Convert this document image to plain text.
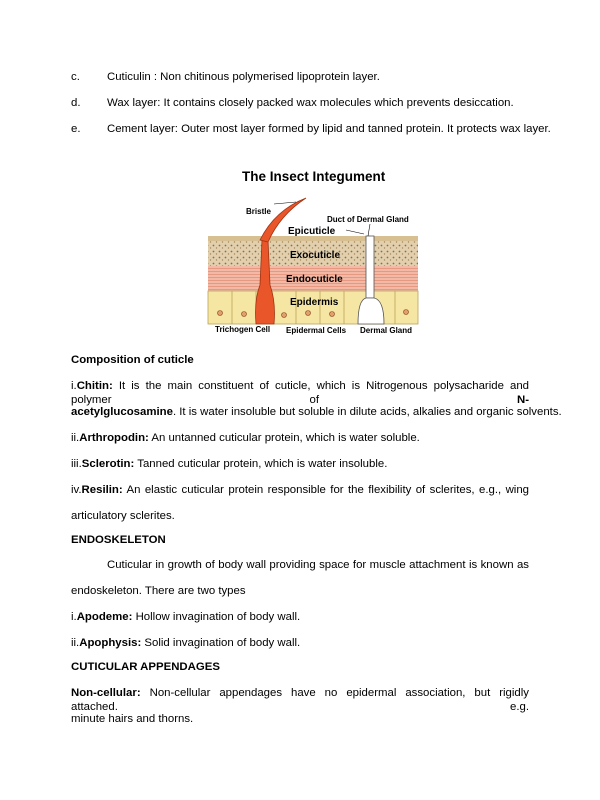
c. Cuticulin : Non chitinous polymerised lipoprotein layer.
d. Wax layer: It contains closely packed wax molecules which prevents desiccation.
e. Cement layer: Outer most layer formed by lipid and tanned protein. It protects wax layer.
The Insect Integument
Bristle
Duct of Dermal Gland
Epicuticle
Exocuticle
Endocuticle
Epidermis
Trichogen Cell Epidermal Cells Dermal Gland
Composition of cuticle
i.Chitin: It is the main constituent of cuticle, which is Nitrogenous polysacharide and polymer of N-
acetylglucosamine. It is water insoluble but soluble in dilute acids, alkalies and organic solvents.
ii.Arthropodin: An untanned cuticular protein, which is water soluble.
iii.Sclerotin: Tanned cuticular protein, which is water insoluble.
iv.Resilin: An elastic cuticular protein responsible for the flexibility of sclerites, e.g., wing
articulatory sclerites.
ENDOSKELETON
Cuticular in growth of body wall providing space for muscle attachment is known as
endoskeleton. There are two types
i.Apodeme: Hollow invagination of body wall.
ii.Apophysis: Solid invagination of body wall.
CUTICULAR APPENDAGES
Non-cellular: Non-cellular appendages have no epidermal association, but rigidly attached. e.g.
minute hairs and thorns.
